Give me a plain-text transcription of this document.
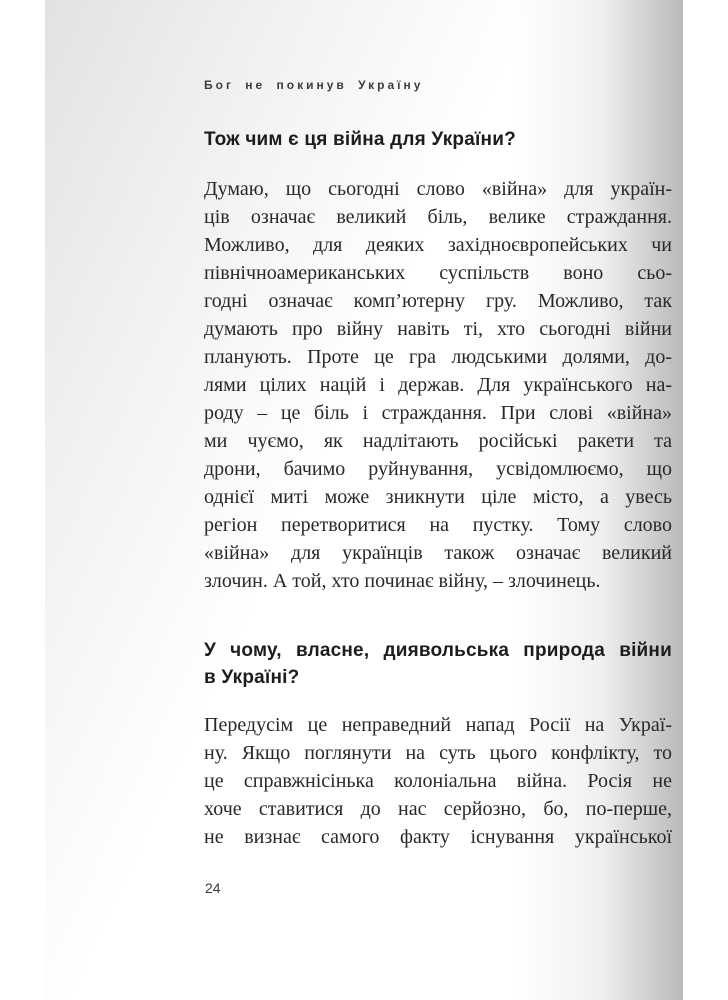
Бог не покинув Україну
Тож чим є ця війна для України?
Думаю, що сьогодні слово «війна» для україн-
ців означає великий біль, велике страждання.
Можливо, для деяких західноєвропейських чи
північноамериканських суспільств воно сьо-
годні означає комп’ютерну гру. Можливо, так
думають про війну навіть ті, хто сьогодні війни
планують. Проте це гра людськими долями, до-
лями цілих націй і держав. Для українського на-
роду – це біль і страждання. При слові «війна»
ми чуємо, як надлітають російські ракети та
дрони, бачимо руйнування, усвідомлюємо, що
однієї миті може зникнути ціле місто, а увесь
регіон перетворитися на пустку. Тому слово
«війна» для українців також означає великий
злочин. А той, хто починає війну, – злочинець.
У чому, власне, диявольська природа війни
в Україні?
Передусім це неправедний напад Росії на Украї-
ну. Якщо поглянути на суть цього конфлікту, то
це справжнісінька колоніальна війна. Росія не
хоче ставитися до нас серйозно, бо, по-перше,
не визнає самого факту існування української
24
